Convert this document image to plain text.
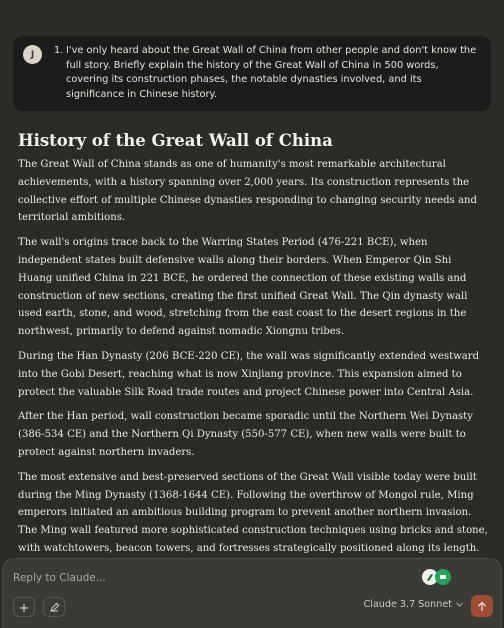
J	1. I've only heard about the Great Wall of China from other people and don't know the full story. Briefly explain the history of the Great Wall of China in 500 words, covering its construction phases, the notable dynasties involved, and its significance in Chinese history.
History of the Great Wall of China

The Great Wall of China stands as one of humanity's most remarkable architectural achievements, with a history spanning over 2,000 years. Its construction represents the collective effort of multiple Chinese dynasties responding to changing security needs and territorial ambitions.

The wall's origins trace back to the Warring States Period (476-221 BCE), when independent states built defensive walls along their borders. When Emperor Qin Shi Huang unified China in 221 BCE, he ordered the connection of these existing walls and construction of new sections, creating the first unified Great Wall. The Qin dynasty wall used earth, stone, and wood, stretching from the east coast to the desert regions in the northwest, primarily to defend against nomadic Xiongnu tribes.

During the Han Dynasty (206 BCE-220 CE), the wall was significantly extended westward into the Gobi Desert, reaching what is now Xinjiang province. This expansion aimed to protect the valuable Silk Road trade routes and project Chinese power into Central Asia.

After the Han period, wall construction became sporadic until the Northern Wei Dynasty (386-534 CE) and the Northern Qi Dynasty (550-577 CE), when new walls were built to protect against northern invaders.

The most extensive and best-preserved sections of the Great Wall visible today were built during the Ming Dynasty (1368-1644 CE). Following the overthrow of Mongol rule, Ming emperors initiated an ambitious building program to prevent another northern invasion. The Ming wall featured more sophisticated construction techniques using bricks and stone, with watchtowers, beacon towers, and fortresses strategically positioned along its length.

Reply to Claude...
Claude 3.7 Sonnet
